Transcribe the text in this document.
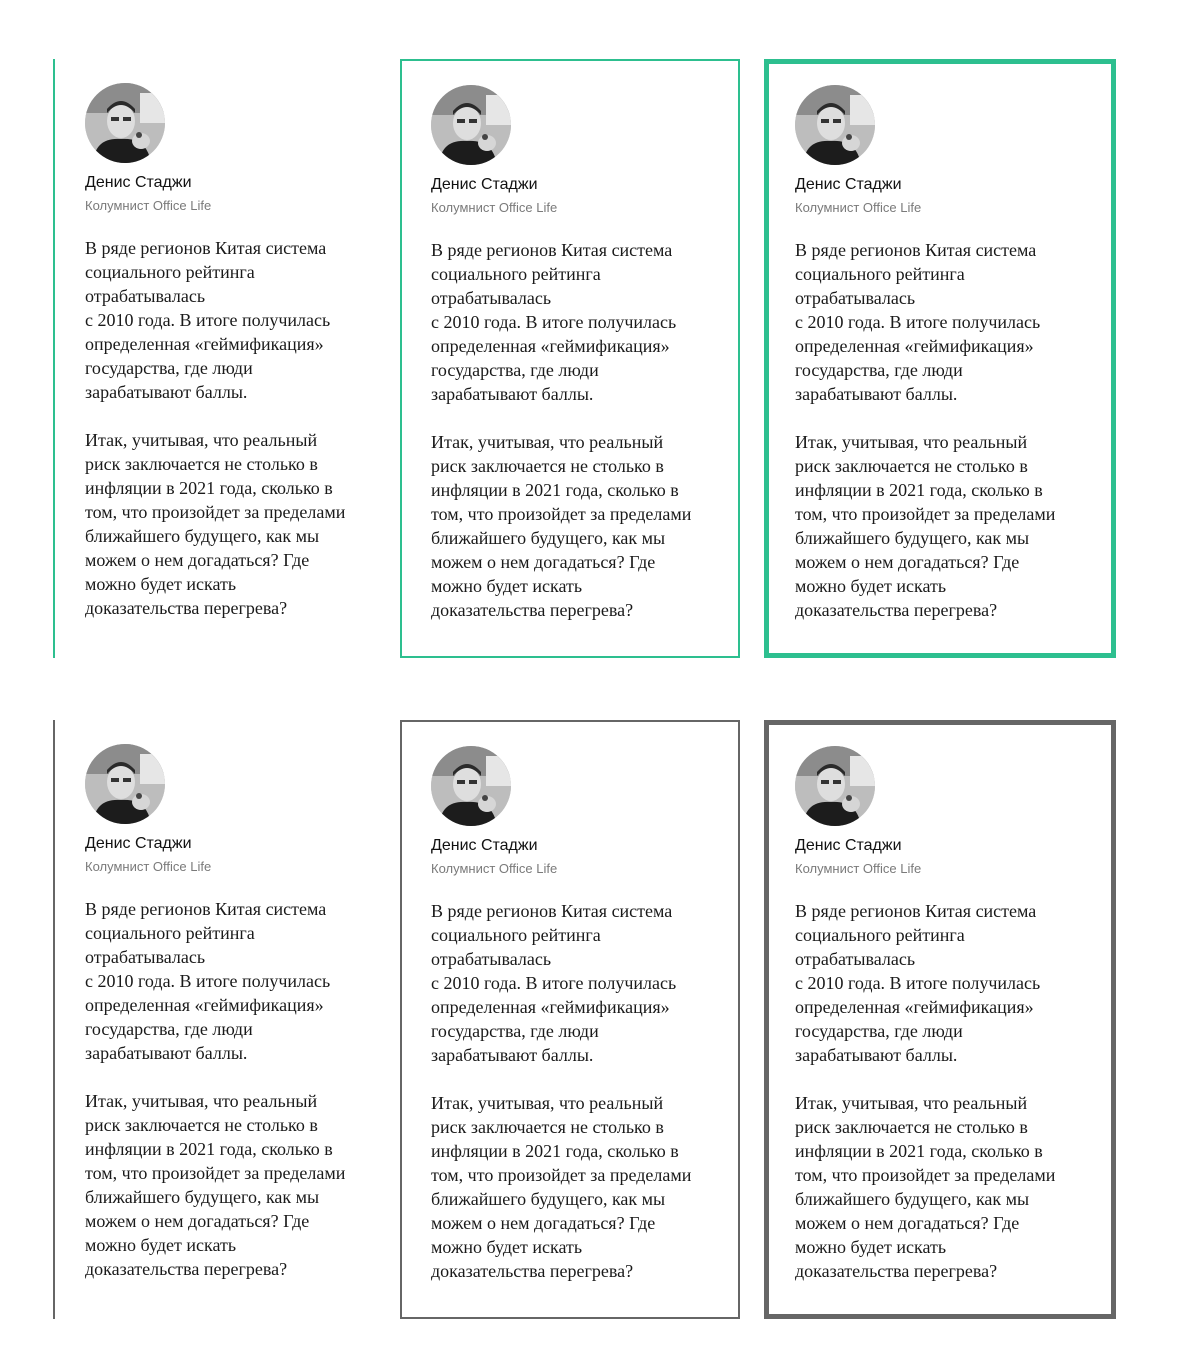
Денис Стаджи
Колумнист Office Life

В ряде регионов Китая система
социального рейтинга
отрабатывалась
с 2010 года. В итоге получилась
определенная «геймификация»
государства, где люди
зарабатывают баллы.

Итак, учитывая, что реальный
риск заключается не столько в
инфляции в 2021 года, сколько в
том, что произойдет за пределами
ближайшего будущего, как мы
можем о нем догадаться? Где
можно будет искать
доказательства перегрева?

Денис Стаджи
Колумнист Office Life

В ряде регионов Китая система
социального рейтинга
отрабатывалась
с 2010 года. В итоге получилась
определенная «геймификация»
государства, где люди
зарабатывают баллы.

Итак, учитывая, что реальный
риск заключается не столько в
инфляции в 2021 года, сколько в
том, что произойдет за пределами
ближайшего будущего, как мы
можем о нем догадаться? Где
можно будет искать
доказательства перегрева?

Денис Стаджи
Колумнист Office Life

В ряде регионов Китая система
социального рейтинга
отрабатывалась
с 2010 года. В итоге получилась
определенная «геймификация»
государства, где люди
зарабатывают баллы.

Итак, учитывая, что реальный
риск заключается не столько в
инфляции в 2021 года, сколько в
том, что произойдет за пределами
ближайшего будущего, как мы
можем о нем догадаться? Где
можно будет искать
доказательства перегрева?

Денис Стаджи
Колумнист Office Life

В ряде регионов Китая система
социального рейтинга
отрабатывалась
с 2010 года. В итоге получилась
определенная «геймификация»
государства, где люди
зарабатывают баллы.

Итак, учитывая, что реальный
риск заключается не столько в
инфляции в 2021 года, сколько в
том, что произойдет за пределами
ближайшего будущего, как мы
можем о нем догадаться? Где
можно будет искать
доказательства перегрева?

Денис Стаджи
Колумнист Office Life

В ряде регионов Китая система
социального рейтинга
отрабатывалась
с 2010 года. В итоге получилась
определенная «геймификация»
государства, где люди
зарабатывают баллы.

Итак, учитывая, что реальный
риск заключается не столько в
инфляции в 2021 года, сколько в
том, что произойдет за пределами
ближайшего будущего, как мы
можем о нем догадаться? Где
можно будет искать
доказательства перегрева?

Денис Стаджи
Колумнист Office Life

В ряде регионов Китая система
социального рейтинга
отрабатывалась
с 2010 года. В итоге получилась
определенная «геймификация»
государства, где люди
зарабатывают баллы.

Итак, учитывая, что реальный
риск заключается не столько в
инфляции в 2021 года, сколько в
том, что произойдет за пределами
ближайшего будущего, как мы
можем о нем догадаться? Где
можно будет искать
доказательства перегрева?
